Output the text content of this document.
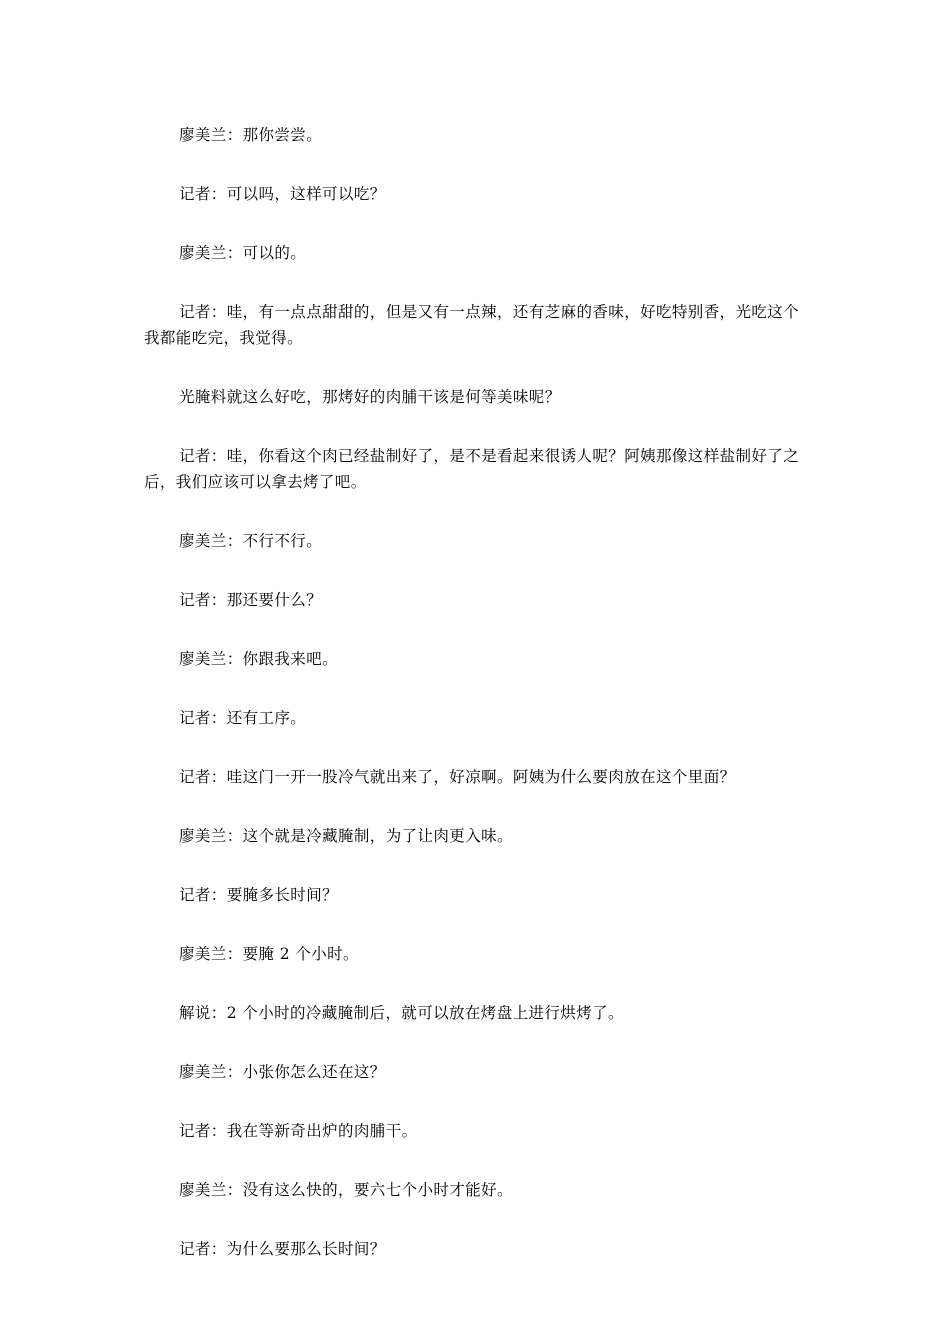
廖美兰：那你尝尝。

记者：可以吗，这样可以吃？

廖美兰：可以的。

记者：哇，有一点点甜甜的，但是又有一点辣，还有芝麻的香味，好吃特别香，光吃这个我都能吃完，我觉得。

光腌料就这么好吃，那烤好的肉脯干该是何等美味呢？

记者：哇，你看这个肉已经盐制好了，是不是看起来很诱人呢？阿姨那像这样盐制好了之后，我们应该可以拿去烤了吧。

廖美兰：不行不行。

记者：那还要什么？

廖美兰：你跟我来吧。

记者：还有工序。

记者：哇这门一开一股冷气就出来了，好凉啊。阿姨为什么要肉放在这个里面？

廖美兰：这个就是冷藏腌制，为了让肉更入味。

记者：要腌多长时间？

廖美兰：要腌 2 个小时。

解说：2 个小时的冷藏腌制后，就可以放在烤盘上进行烘烤了。

廖美兰：小张你怎么还在这？

记者：我在等新奇出炉的肉脯干。

廖美兰：没有这么快的，要六七个小时才能好。

记者：为什么要那么长时间？
